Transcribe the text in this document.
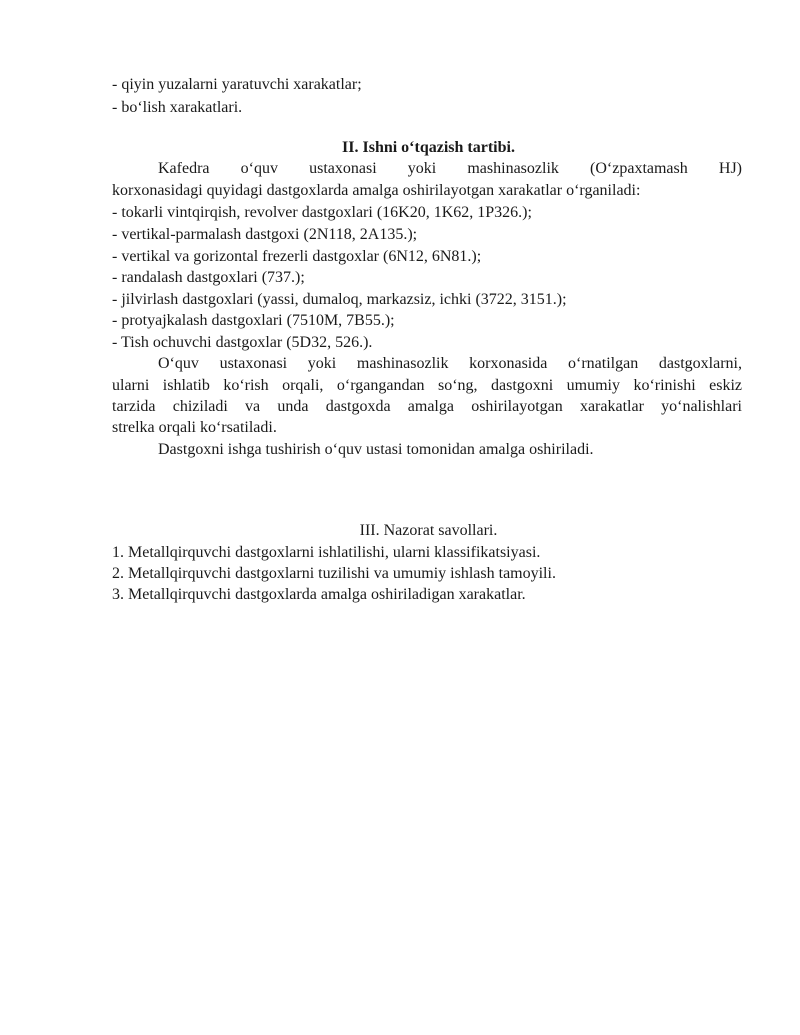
- qiyin yuzalarni yaratuvchi xarakatlar;
- bo‘lish xarakatlari.
II. Ishni o‘tqazish tartibi.
Kafedra o‘quv ustaxonasi yoki mashinasozlik (O‘zpaxtamash HJ)
korxonasidagi quyidagi dastgoxlarda amalga oshirilayotgan xarakatlar o‘rganiladi:
- tokarli vintqirqish, revolver dastgoxlari (16K20, 1K62, 1P326.);
- vertikal-parmalash dastgoxi (2N118, 2A135.);
- vertikal va gorizontal frezerli dastgoxlar (6N12, 6N81.);
- randalash dastgoxlari (737.);
- jilvirlash dastgoxlari (yassi, dumaloq, markazsiz, ichki (3722, 3151.);
- protyajkalash dastgoxlari (7510M, 7B55.);
- Tish ochuvchi dastgoxlar (5D32, 526.).
O‘quv ustaxonasi yoki mashinasozlik korxonasida o‘rnatilgan dastgoxlarni,
ularni ishlatib ko‘rish orqali, o‘rgangandan so‘ng, dastgoxni umumiy ko‘rinishi eskiz
tarzida chiziladi va unda dastgoxda amalga oshirilayotgan xarakatlar yo‘nalishlari
strelka orqali ko‘rsatiladi.
Dastgoxni ishga tushirish o‘quv ustasi tomonidan amalga oshiriladi.
III. Nazorat savollari.
1. Metallqirquvchi dastgoxlarni ishlatilishi, ularni klassifikatsiyasi.
2. Metallqirquvchi dastgoxlarni tuzilishi va umumiy ishlash tamoyili.
3. Metallqirquvchi dastgoxlarda amalga oshiriladigan xarakatlar.
